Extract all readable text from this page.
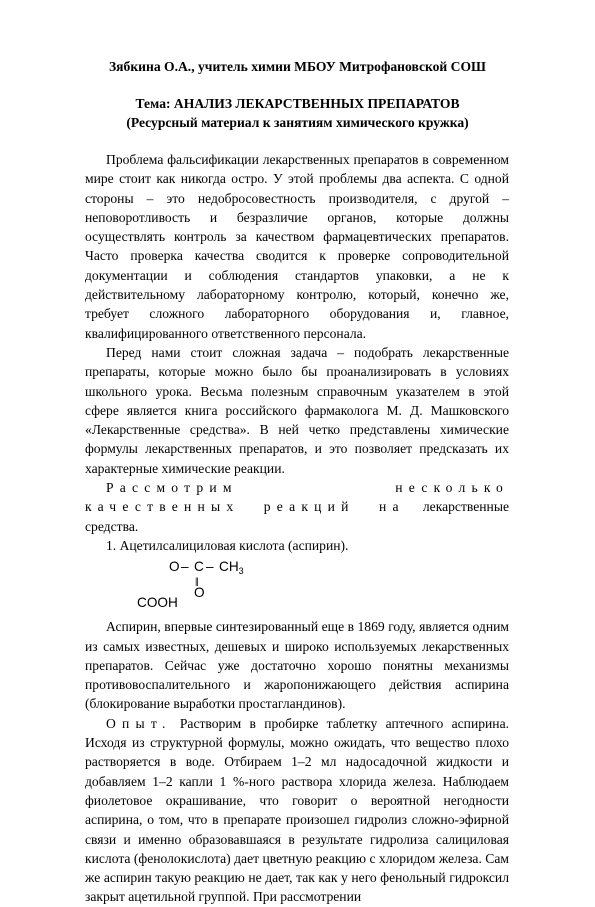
Зябкина О.А., учитель химии МБОУ Митрофановской СОШ
Тема: АНАЛИЗ ЛЕКАРСТВЕННЫХ ПРЕПАРАТОВ
(Ресурсный материал к занятиям химического кружка)

Проблема фальсификации лекарственных препаратов в современном мире стоит как никогда остро. У этой проблемы два аспекта. С одной стороны – это недобросовестность производителя, с другой – неповоротливость и безразличие органов, которые должны осуществлять контроль за качеством фармацевтических препаратов. Часто проверка качества сводится к проверке сопроводительной документации и соблюдения стандартов упаковки, а не к действительному лабораторному контролю, который, конечно же, требует сложного лабораторного оборудования и, главное, квалифицированного ответственного персонала.

Перед нами стоит сложная задача – подобрать лекарственные препараты, которые можно было бы проанализировать в условиях школьного урока. Весьма полезным справочным указателем в этой сфере является книга российского фармаколога М. Д. Машковского «Лекарственные средства». В ней четко представлены химические формулы лекарственных препаратов, и это позволяет предсказать их характерные химические реакции.

Рассмотрим несколько качественных реакций на лекарственные средства.

1. Ацетилсалициловая кислота (аспирин).

O – C – $CH_3$
||
O
COOH

Аспирин, впервые синтезированный еще в 1869 году, является одним из самых известных, дешевых и широко используемых лекарственных препаратов. Сейчас уже достаточно хорошо понятны механизмы противовоспалительного и жаропонижающего действия аспирина (блокирование выработки простагландинов).

Опыт. Растворим в пробирке таблетку аптечного аспирина. Исходя из структурной формулы, можно ожидать, что вещество плохо растворяется в воде. Отбираем 1–2 мл надосадочной жидкости и добавляем 1–2 капли 1 %-ного раствора хлорида железа. Наблюдаем фиолетовое окрашивание, что говорит о вероятной негодности аспирина, о том, что в препарате произошел гидролиз сложно-эфирной связи и именно образовавшаяся в результате гидролиза салициловая кислота (фенолокислота) дает цветную реакцию с хлоридом железа. Сам же аспирин такую реакцию не дает, так как у него фенольный гидроксил закрыт ацетильной группой. При рассмотрении
